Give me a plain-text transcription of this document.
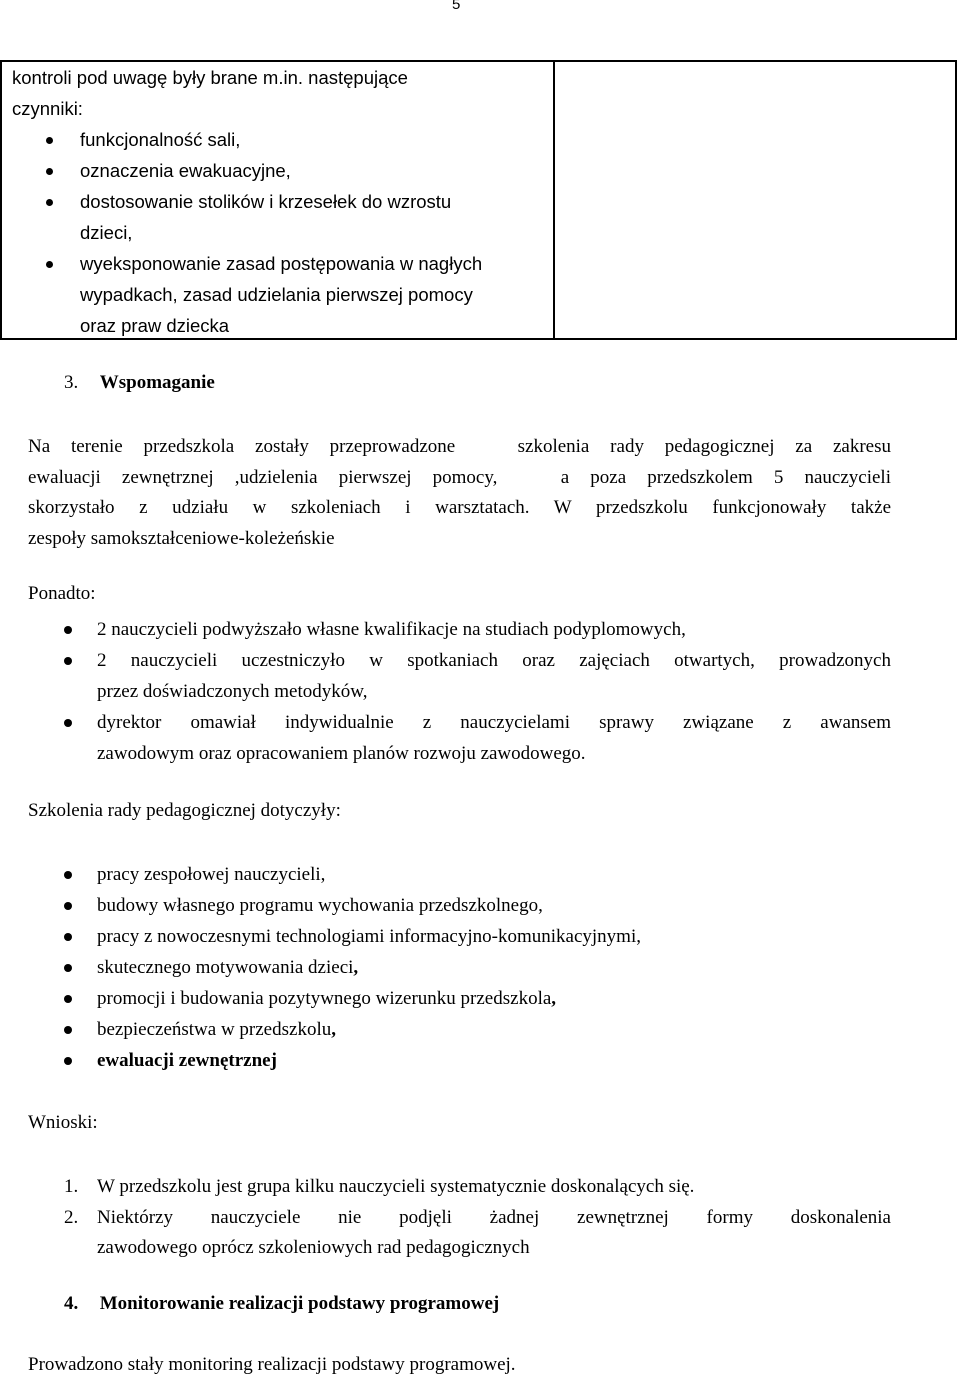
5
kontroli pod uwagę były brane m.in. następujące
czynniki:
funkcjonalność sali,
oznaczenia ewakuacyjne,
dostosowanie stolików i krzesełek do wzrostu
dzieci,
wyeksponowanie zasad postępowania w nagłych
wypadkach, zasad udzielania pierwszej pomocy
oraz praw dziecka
3. Wspomaganie
Na terenie przedszkola zostały przeprowadzone   szkolenia rady pedagogicznej za zakresu
ewaluacji zewnętrznej ,udzielenia pierwszej pomocy,   a poza przedszkolem 5 nauczycieli
skorzystało z udziału w szkoleniach i warsztatach. W przedszkolu funkcjonowały także
zespoły samokształceniowe-koleżeńskie
Ponadto:
2 nauczycieli podwyższało własne kwalifikacje na studiach podyplomowych,
2 nauczycieli uczestniczyło w spotkaniach oraz zajęciach otwartych, prowadzonych
przez doświadczonych metodyków,
dyrektor omawiał indywidualnie z nauczycielami sprawy związane z awansem
zawodowym oraz opracowaniem planów rozwoju zawodowego.
Szkolenia rady pedagogicznej dotyczyły:
pracy zespołowej nauczycieli,
budowy własnego programu wychowania przedszkolnego,
pracy z nowoczesnymi technologiami informacyjno-komunikacyjnymi,
skutecznego motywowania dzieci,
promocji i budowania pozytywnego wizerunku przedszkola,
bezpieczeństwa w przedszkolu,
ewaluacji zewnętrznej
Wnioski:
1. W przedszkolu jest grupa kilku nauczycieli systematycznie doskonalących się.
2. Niektórzy nauczyciele nie podjęli żadnej zewnętrznej formy doskonalenia
zawodowego oprócz szkoleniowych rad pedagogicznych
4. Monitorowanie realizacji podstawy programowej
Prowadzono stały monitoring realizacji podstawy programowej.
